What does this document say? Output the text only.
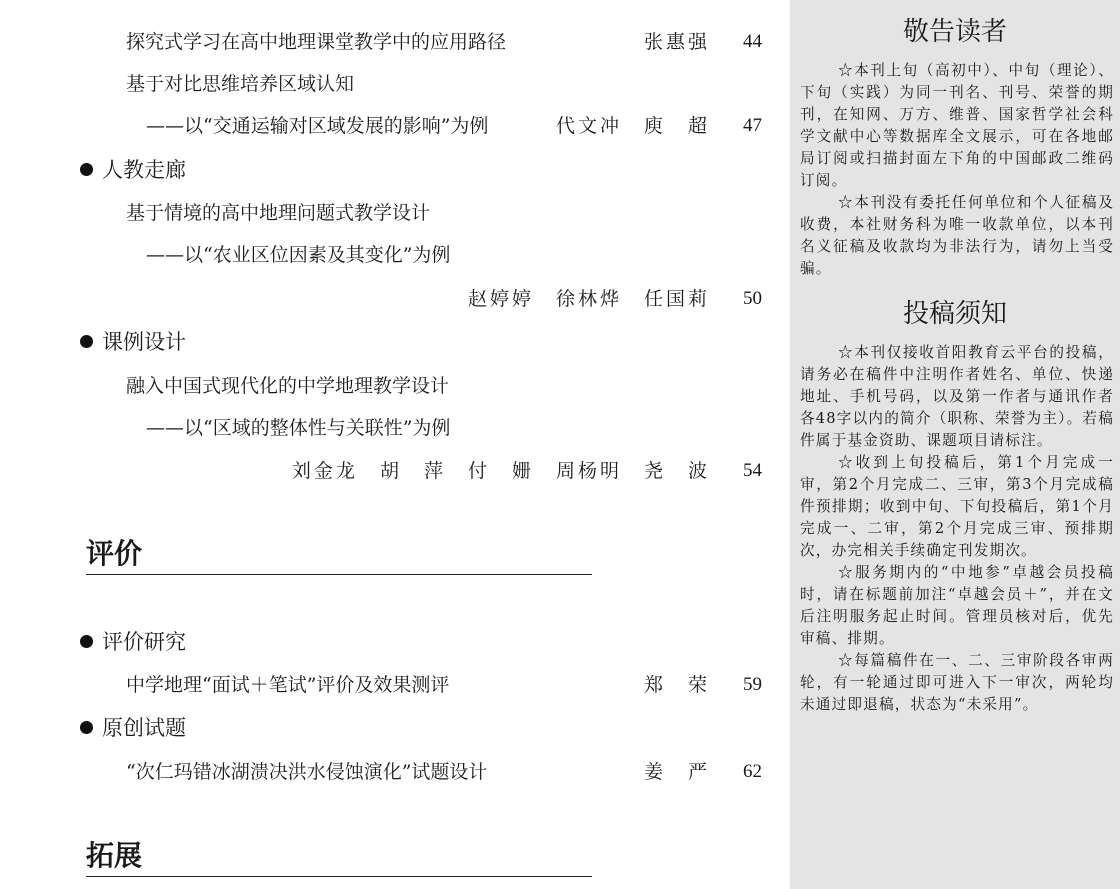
探究式学习在高中地理课堂教学中的应用路径	张惠强	44
基于对比思维培养区域认知
——以“交通运输对区域发展的影响”为例	代文冲 庾　超	47
人教走廊
基于情境的高中地理问题式教学设计
——以“农业区位因素及其变化”为例
赵婷婷 徐林烨 任国莉	50
课例设计
融入中国式现代化的中学地理教学设计
——以“区域的整体性与关联性”为例
刘金龙 胡　萍 付　姗 周杨明 尧　波	54
评价
评价研究
中学地理“面试＋笔试”评价及效果测评	郑　荣	59
原创试题
“次仁玛错冰湖溃决洪水侵蚀演化”试题设计	姜　严	62
拓展
敬告读者

☆本刊上旬（高初中）、中旬（理论）、下旬（实践）为同一刊名、刊号、荣誉的期刊，在知网、万方、维普、国家哲学社会科学文献中心等数据库全文展示，可在各地邮局订阅或扫描封面左下角的中国邮政二维码订阅。

☆本刊没有委托任何单位和个人征稿及收费，本社财务科为唯一收款单位，以本刊名义征稿及收款均为非法行为，请勿上当受骗。

投稿须知

☆本刊仅接收首阳教育云平台的投稿，请务必在稿件中注明作者姓名、单位、快递地址、手机号码，以及第一作者与通讯作者各48字以内的简介（职称、荣誉为主）。若稿件属于基金资助、课题项目请标注。

☆收到上旬投稿后，第1个月完成一审，第2个月完成二、三审，第3个月完成稿件预排期；收到中旬、下旬投稿后，第1个月完成一、二审，第2个月完成三审、预排期次，办完相关手续确定刊发期次。

☆服务期内的“中地参”卓越会员投稿时，请在标题前加注“卓越会员＋”，并在文后注明服务起止时间。管理员核对后，优先审稿、排期。

☆每篇稿件在一、二、三审阶段各审两轮，有一轮通过即可进入下一审次，两轮均未通过即退稿，状态为“未采用”。
